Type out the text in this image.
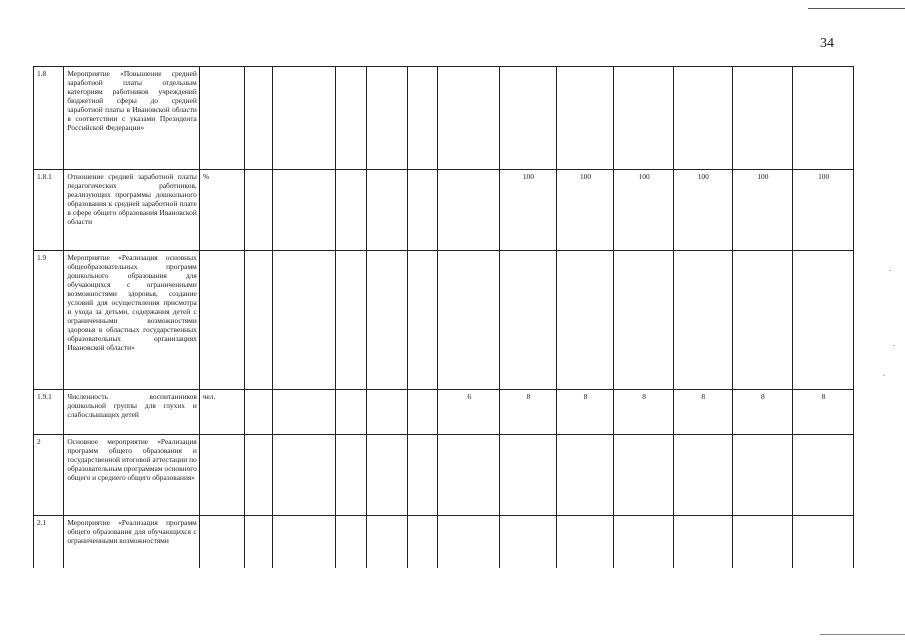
34
1.8	Мероприятие «Повышение средней заработной платы отдельным категориям работников учреждений бюджетной сферы до средней заработной платы в Ивановской области в соответствии с указами Президента Российской Федерации»													
1.8.1	Отношение средней заработной платы педагогических работников, реализующих программы дошкольного образования к средней заработной плате в сфере общего образования Ивановской области	%							100	100	100	100	100	100
1.9	Мероприятие «Реализация основных общеобразовательных программ дошкольного образования для обучающихся с ограниченными возможностями здоровья, создание условий для осуществления присмотра и ухода за детьми, содержания детей с ограниченными возможностями здоровья в областных государственных образовательных организациях Ивановской области»													
1.9.1	Численность воспитанников дошкольной группы для глухих и слабослышащих детей	чел.						6	8	8	8	8	8	8
2	Основное мероприятие «Реализация программ общего образования и государственной итоговой аттестации по образовательным программам основного общего и среднего общего образования»													
2.1	Мероприятие «Реализация программ общего образования для обучающихся с ограниченными возможностями													
